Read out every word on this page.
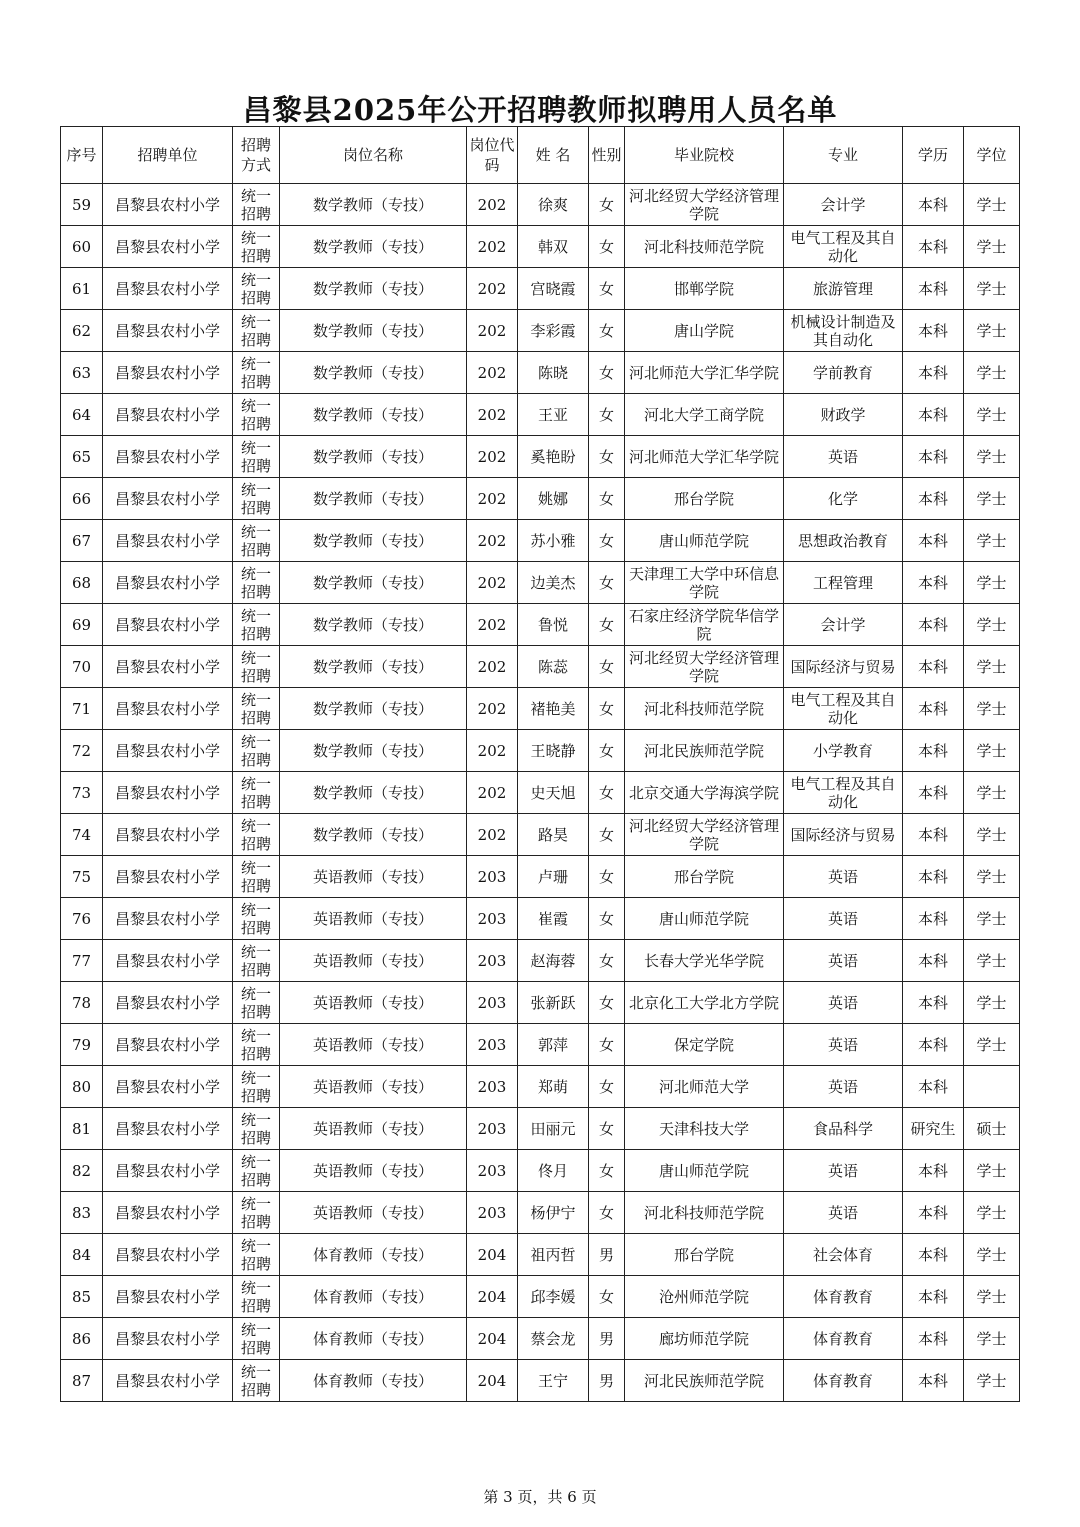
昌黎县2025年公开招聘教师拟聘用人员名单
序号	招聘单位	招聘方式	岗位名称	岗位代码	姓 名	性别	毕业院校	专业	学历	学位
59	昌黎县农村小学	统一招聘	数学教师（专技）	202	徐爽	女	河北经贸大学经济管理学院	会计学	本科	学士
60	昌黎县农村小学	统一招聘	数学教师（专技）	202	韩双	女	河北科技师范学院	电气工程及其自动化	本科	学士
61	昌黎县农村小学	统一招聘	数学教师（专技）	202	宫晓霞	女	邯郸学院	旅游管理	本科	学士
62	昌黎县农村小学	统一招聘	数学教师（专技）	202	李彩霞	女	唐山学院	机械设计制造及其自动化	本科	学士
63	昌黎县农村小学	统一招聘	数学教师（专技）	202	陈晓	女	河北师范大学汇华学院	学前教育	本科	学士
64	昌黎县农村小学	统一招聘	数学教师（专技）	202	王亚	女	河北大学工商学院	财政学	本科	学士
65	昌黎县农村小学	统一招聘	数学教师（专技）	202	奚艳盼	女	河北师范大学汇华学院	英语	本科	学士
66	昌黎县农村小学	统一招聘	数学教师（专技）	202	姚娜	女	邢台学院	化学	本科	学士
67	昌黎县农村小学	统一招聘	数学教师（专技）	202	苏小雅	女	唐山师范学院	思想政治教育	本科	学士
68	昌黎县农村小学	统一招聘	数学教师（专技）	202	边美杰	女	天津理工大学中环信息学院	工程管理	本科	学士
69	昌黎县农村小学	统一招聘	数学教师（专技）	202	鲁悦	女	石家庄经济学院华信学院	会计学	本科	学士
70	昌黎县农村小学	统一招聘	数学教师（专技）	202	陈蕊	女	河北经贸大学经济管理学院	国际经济与贸易	本科	学士
71	昌黎县农村小学	统一招聘	数学教师（专技）	202	褚艳美	女	河北科技师范学院	电气工程及其自动化	本科	学士
72	昌黎县农村小学	统一招聘	数学教师（专技）	202	王晓静	女	河北民族师范学院	小学教育	本科	学士
73	昌黎县农村小学	统一招聘	数学教师（专技）	202	史天旭	女	北京交通大学海滨学院	电气工程及其自动化	本科	学士
74	昌黎县农村小学	统一招聘	数学教师（专技）	202	路昊	女	河北经贸大学经济管理学院	国际经济与贸易	本科	学士
75	昌黎县农村小学	统一招聘	英语教师（专技）	203	卢珊	女	邢台学院	英语	本科	学士
76	昌黎县农村小学	统一招聘	英语教师（专技）	203	崔霞	女	唐山师范学院	英语	本科	学士
77	昌黎县农村小学	统一招聘	英语教师（专技）	203	赵海蓉	女	长春大学光华学院	英语	本科	学士
78	昌黎县农村小学	统一招聘	英语教师（专技）	203	张新跃	女	北京化工大学北方学院	英语	本科	学士
79	昌黎县农村小学	统一招聘	英语教师（专技）	203	郭萍	女	保定学院	英语	本科	学士
80	昌黎县农村小学	统一招聘	英语教师（专技）	203	郑萌	女	河北师范大学	英语	本科	
81	昌黎县农村小学	统一招聘	英语教师（专技）	203	田丽元	女	天津科技大学	食品科学	研究生	硕士
82	昌黎县农村小学	统一招聘	英语教师（专技）	203	佟月	女	唐山师范学院	英语	本科	学士
83	昌黎县农村小学	统一招聘	英语教师（专技）	203	杨伊宁	女	河北科技师范学院	英语	本科	学士
84	昌黎县农村小学	统一招聘	体育教师（专技）	204	祖丙哲	男	邢台学院	社会体育	本科	学士
85	昌黎县农村小学	统一招聘	体育教师（专技）	204	邱李媛	女	沧州师范学院	体育教育	本科	学士
86	昌黎县农村小学	统一招聘	体育教师（专技）	204	蔡会龙	男	廊坊师范学院	体育教育	本科	学士
87	昌黎县农村小学	统一招聘	体育教师（专技）	204	王宁	男	河北民族师范学院	体育教育	本科	学士
第 3 页，共 6 页
